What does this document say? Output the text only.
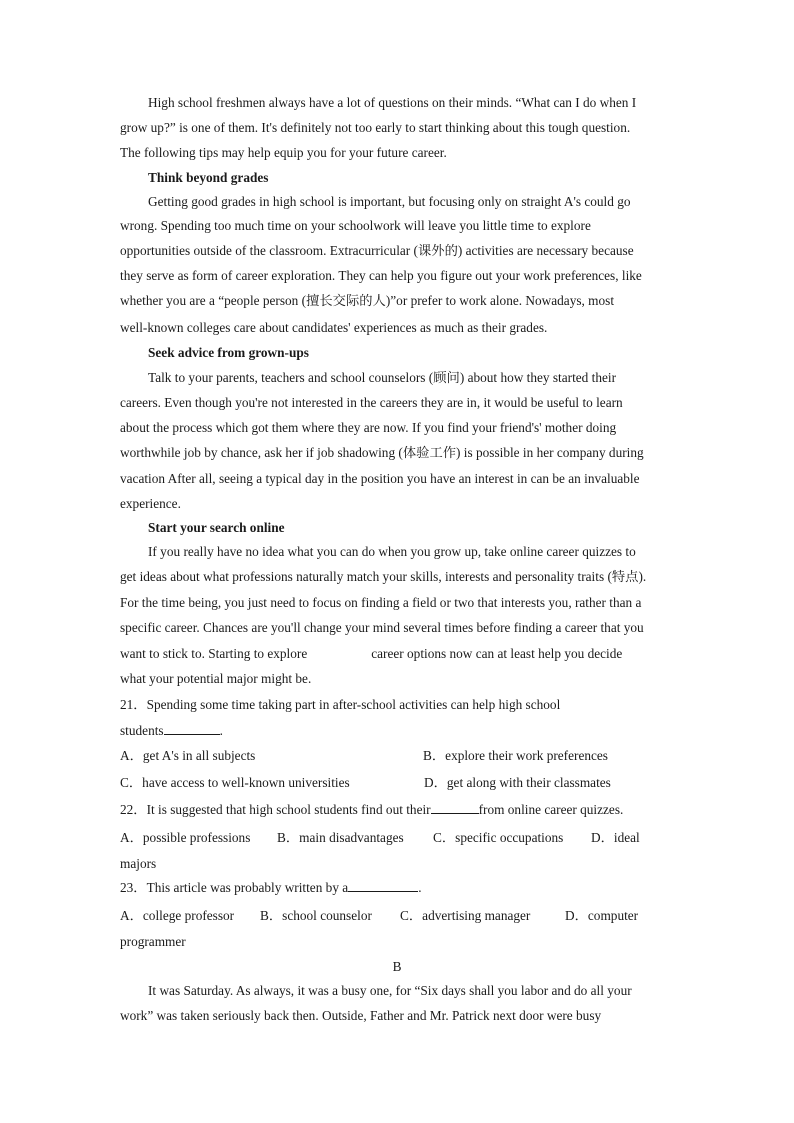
High school freshmen always have a lot of questions on their minds. “What can I do when I
grow up?” is one of them. It's definitely not too early to start thinking about this tough question.
The following tips may help equip you for your future career.
Think beyond grades
Getting good grades in high school is important, but focusing only on straight A's could go
wrong. Spending too much time on your schoolwork will leave you little time to explore
opportunities outside of the classroom. Extracurricular (课外的) activities are necessary because
they serve as form of career exploration. They can help you figure out your work preferences, like
whether you are a “people person (擅长交际的人)”or prefer to work alone. Nowadays, most
well-known colleges care about candidates' experiences as much as their grades.
Seek advice from grown-ups
Talk to your parents, teachers and school counselors (顾问) about how they started their
careers. Even though you're not interested in the careers they are in, it would be useful to learn
about the process which got them where they are now. If you find your friend's' mother doing
worthwhile job by chance, ask her if job shadowing (体验工作) is possible in her company during
vacation After all, seeing a typical day in the position you have an interest in can be an invaluable
experience.
Start your search online
If you really have no idea what you can do when you grow up, take online career quizzes to
get ideas about what professions naturally match your skills, interests and personality traits (特点).
For the time being, you just need to focus on finding a field or two that interests you, rather than a
specific career. Chances are you'll change your mind several times before finding a career that you
want to stick to. Starting to explore	career options now can at least help you decide
what your potential major might be.
21．Spending some time taking part in after-school activities can help high school
students	.
A．get A's in all subjects	B．explore their work preferences
C．have access to well-known universities	D．get along with their classmates
22．It is suggested that high school students find out their	from online career quizzes.
A．possible professions B．main disadvantages C．specific occupations D．ideal
majors
23．This article was probably written by a	.
A．college professor B．school counselor C．advertising manager	D．computer
programmer
B
It was Saturday. As always, it was a busy one, for “Six days shall you labor and do all your
work” was taken seriously back then. Outside, Father and Mr. Patrick next door were busy
